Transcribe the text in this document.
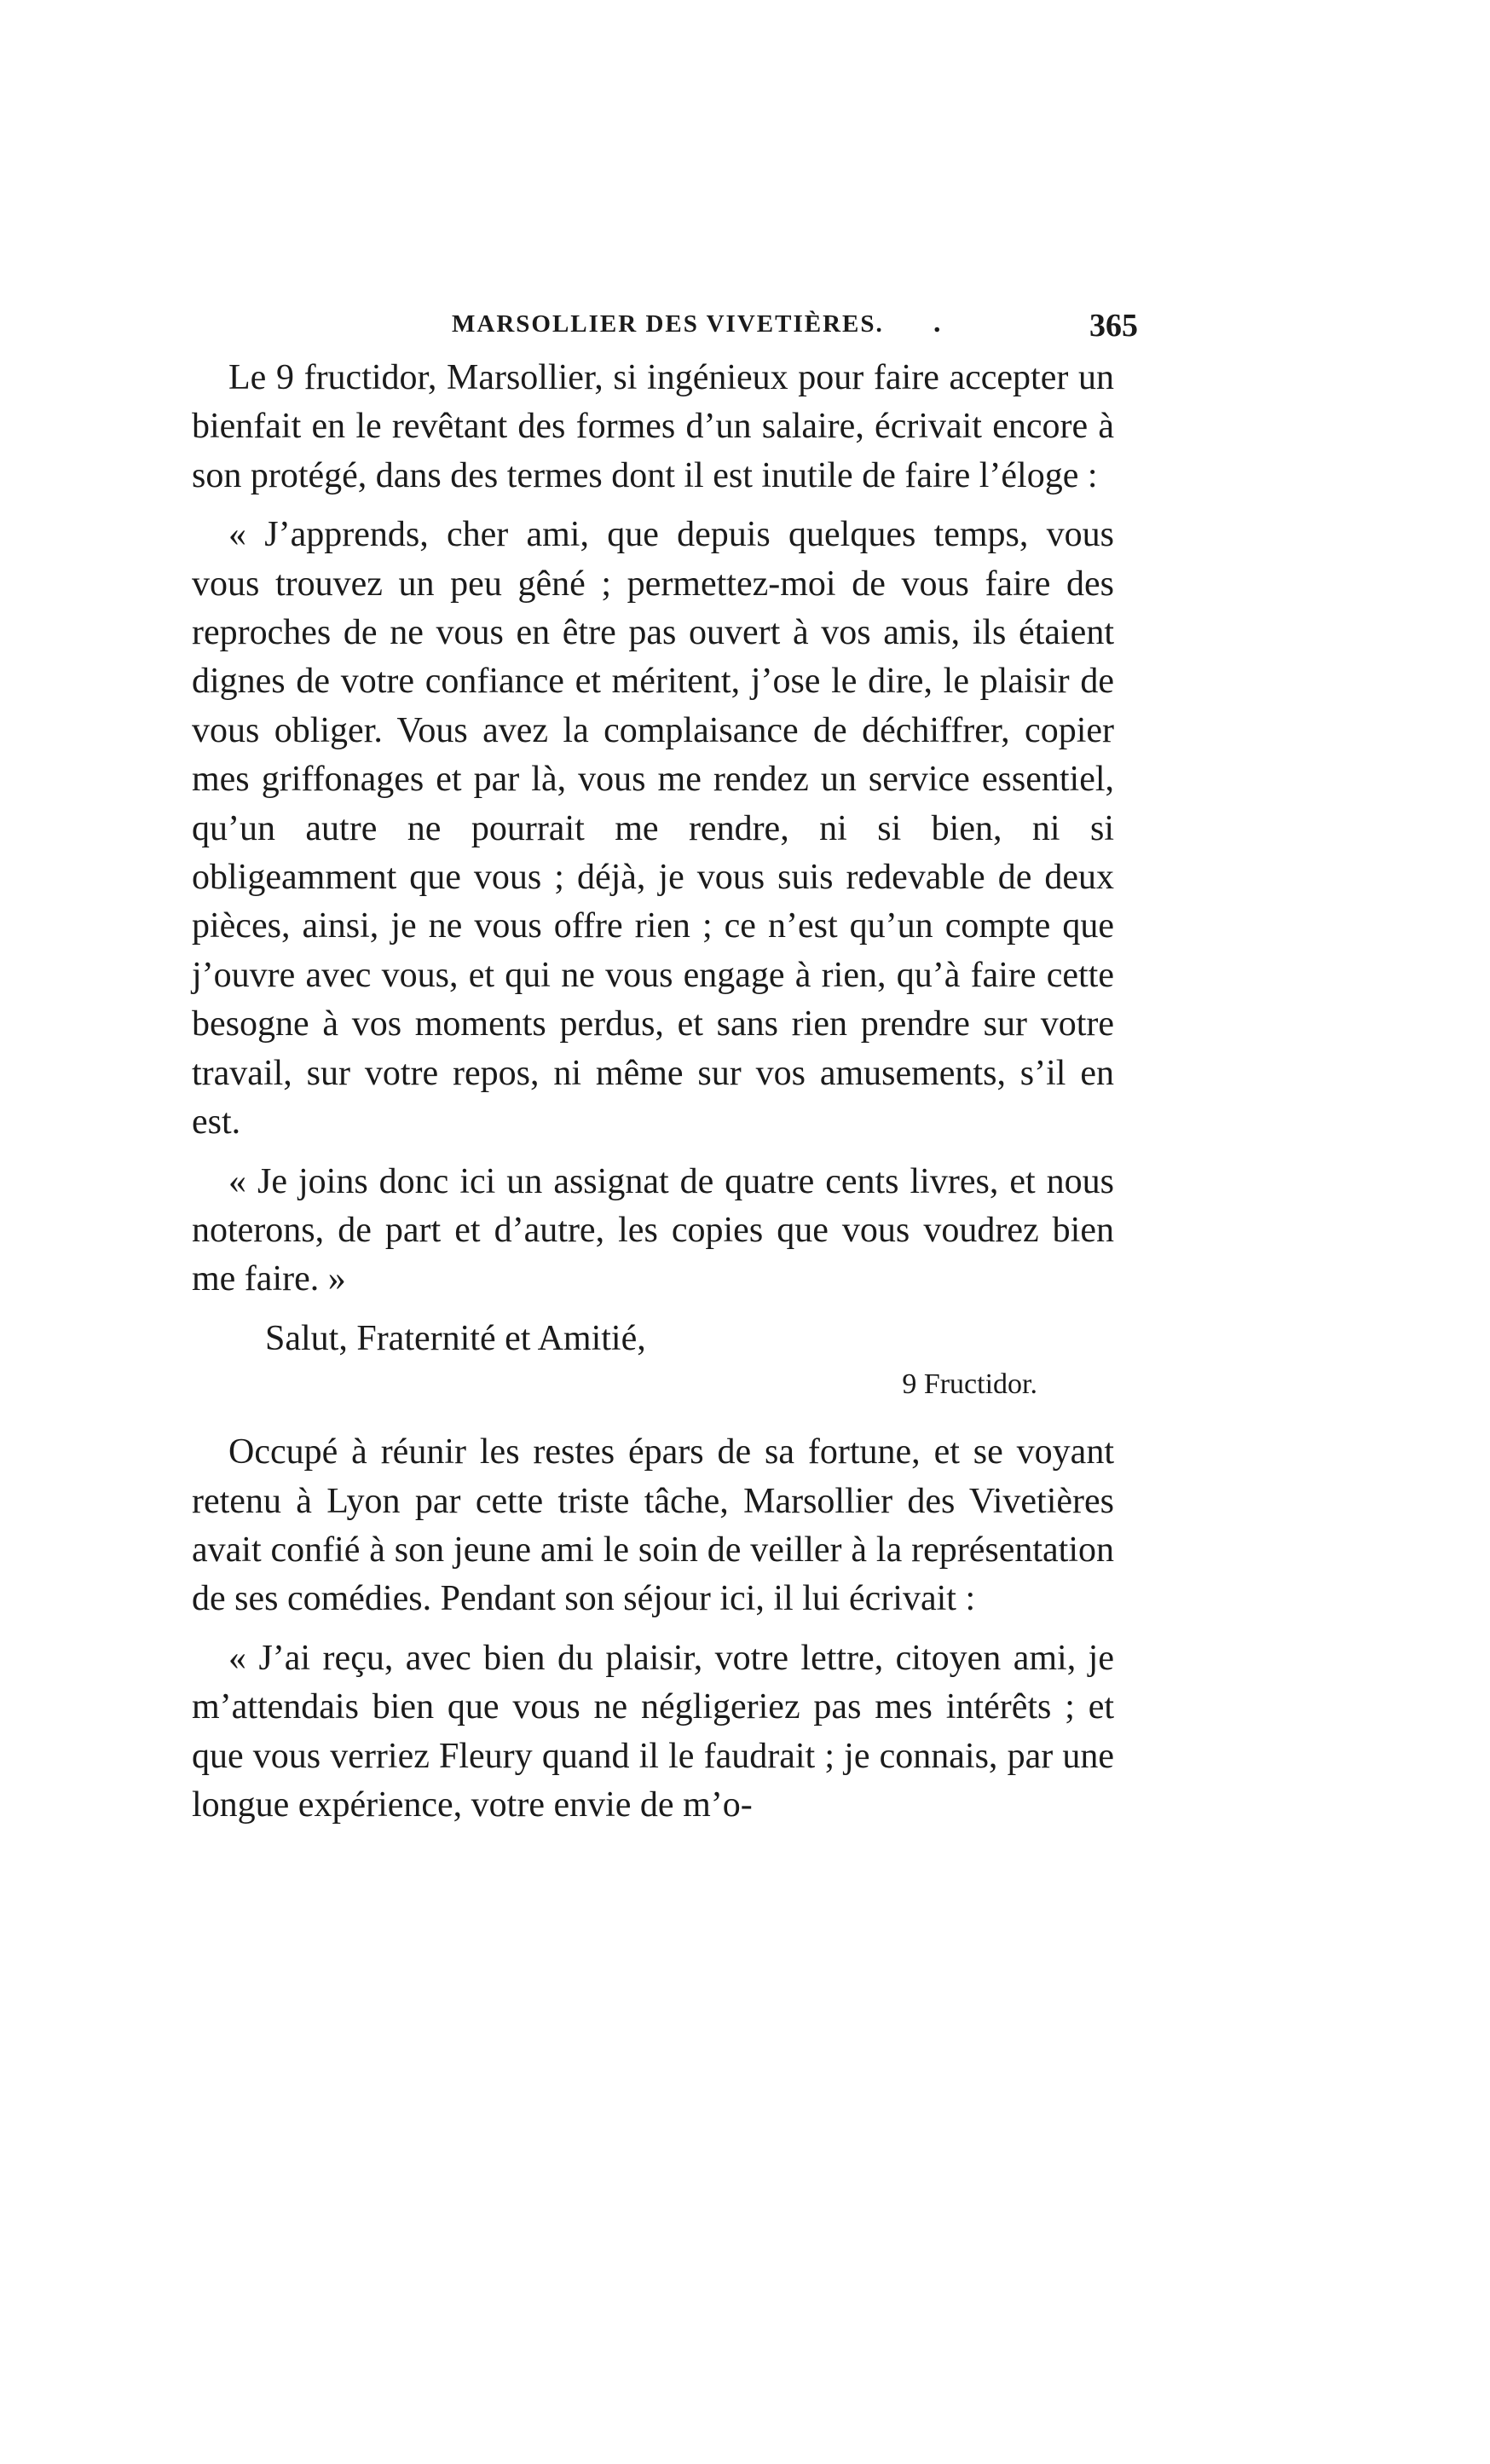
MARSOLLIER DES VIVETIÈRES. .	365

Le 9 fructidor, Marsollier, si ingénieux pour faire accepter un bienfait en le revêtant des formes d’un salaire, écrivait encore à son protégé, dans des termes dont il est inutile de faire l’éloge :

« J’apprends, cher ami, que depuis quelques temps, vous vous trouvez un peu gêné ; permettez-moi de vous faire des reproches de ne vous en être pas ouvert à vos amis, ils étaient dignes de votre confiance et méritent, j’ose le dire, le plaisir de vous obliger. Vous avez la complaisance de déchiffrer, copier mes griffonages et par là, vous me rendez un service essentiel, qu’un autre ne pourrait me rendre, ni si bien, ni si obligeamment que vous ; déjà, je vous suis redevable de deux pièces, ainsi, je ne vous offre rien ; ce n’est qu’un compte que j’ouvre avec vous, et qui ne vous engage à rien, qu’à faire cette besogne à vos moments perdus, et sans rien prendre sur votre travail, sur votre repos, ni même sur vos amusements, s’il en est.

« Je joins donc ici un assignat de quatre cents livres, et nous noterons, de part et d’autre, les copies que vous voudrez bien me faire. »

Salut, Fraternité et Amitié,

9 Fructidor.

Occupé à réunir les restes épars de sa fortune, et se voyant retenu à Lyon par cette triste tâche, Marsollier des Vivetières avait confié à son jeune ami le soin de veiller à la représentation de ses comédies. Pendant son séjour ici, il lui écrivait :

« J’ai reçu, avec bien du plaisir, votre lettre, citoyen ami, je m’attendais bien que vous ne négligeriez pas mes intérêts ; et que vous verriez Fleury quand il le faudrait ; je connais, par une longue expérience, votre envie de m’o-
